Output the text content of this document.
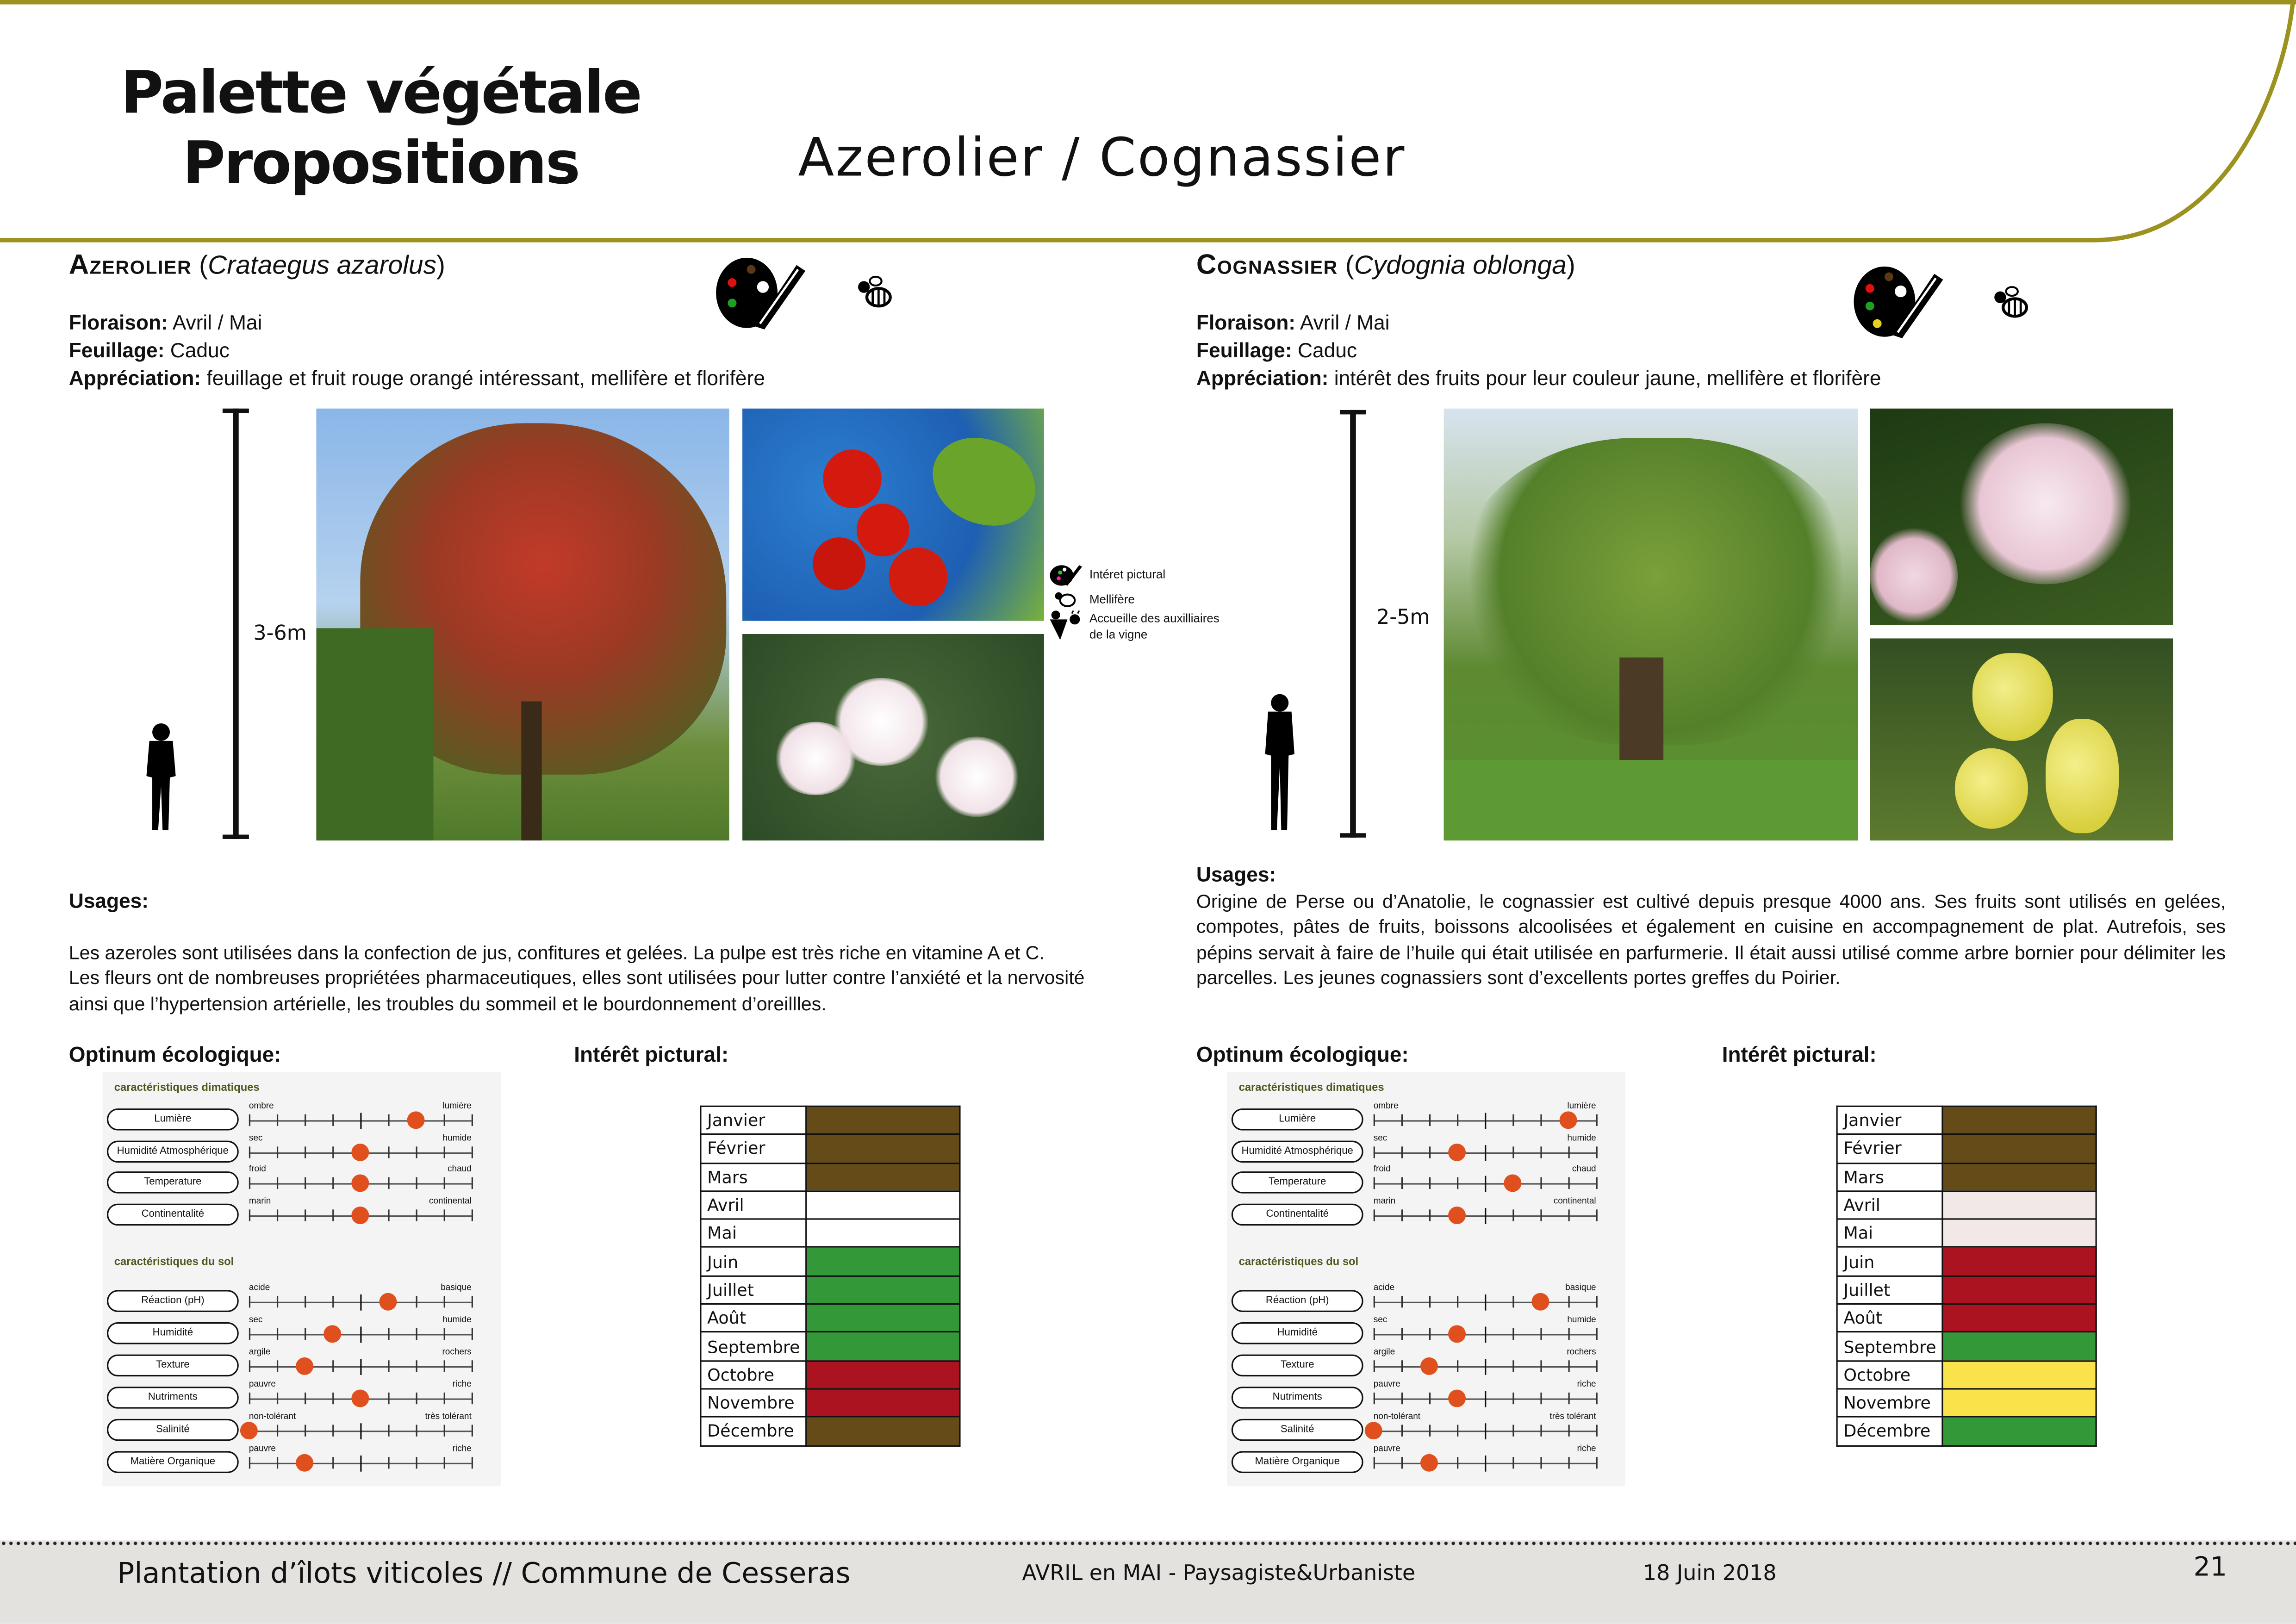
Palette végétale
Propositions	Azerolier / Cognassier
Azerolier (Crataegus azarolus)
Floraison: Avril / Mai
Feuillage: Caduc
Appréciation: feuillage et fruit rouge orangé intéressant, mellifère et florifère
3-6m
Intéret pictural
Mellifère
Accueille des auxilliaires de la vigne

Usages:

Les azeroles sont utilisées dans la confection de jus, confitures et gelées. La pulpe est très riche en vitamine A et C.
Les fleurs ont de nombreuses propriétées pharmaceutiques, elles sont utilisées pour lutter contre l’anxiété et la nervosité ainsi que l’hypertension artérielle, les troubles du sommeil et le bourdonnement d’oreillles.

Optinum écologique:	Intérêt pictural:
caractéristiques dimatiques
Lumière
ombre	lumière
Humidité Atmosphérique
sec	humide
Temperature
froid	chaud
Continentalité
marin	continental
caractéristiques du sol
Réaction (pH)
acide	basique
Humidité
sec	humide
Texture
argile	rochers
Nutriments
pauvre	riche
Salinité
non-tolérant	très tolérant
Matière Organique
pauvre	riche
Janvier	
Février	
Mars	
Avril	
Mai	
Juin	
Juillet	
Août	
Septembre	
Octobre	
Novembre	
Décembre	
Cognassier (Cydognia oblonga)
Floraison: Avril / Mai
Feuillage: Caduc
Appréciation: intérêt des fruits pour leur couleur jaune, mellifère et florifère
2-5m
Usages:
Origine de Perse ou d’Anatolie, le cognassier est cultivé depuis presque 4000 ans. Ses fruits sont utilisés en gelées, compotes, pâtes de fruits, boissons alcoolisées et également en cuisine en accompagnement de plat. Autrefois, ses pépins servait à faire de l’huile qui était utilisée en parfurmerie. Il était aussi utilisé comme arbre bornier pour délimiter les parcelles. Les jeunes cognassiers sont d’excellents portes greffes du Poirier.
Optinum écologique:	Intérêt pictural:
caractéristiques dimatiques
Lumière
ombre	lumière
Humidité Atmosphérique
sec	humide
Temperature
froid	chaud
Continentalité
marin	continental
caractéristiques du sol
Réaction (pH)
acide	basique
Humidité
sec	humide
Texture
argile	rochers
Nutriments
pauvre	riche
Salinité
non-tolérant	très tolérant
Matière Organique
pauvre	riche
Janvier	
Février	
Mars	
Avril	
Mai	
Juin	
Juillet	
Août	
Septembre	
Octobre	
Novembre	
Décembre	
Plantation d’îlots viticoles // Commune de Cesseras	AVRIL en MAI - Paysagiste&Urbaniste	18 Juin 2018	21
